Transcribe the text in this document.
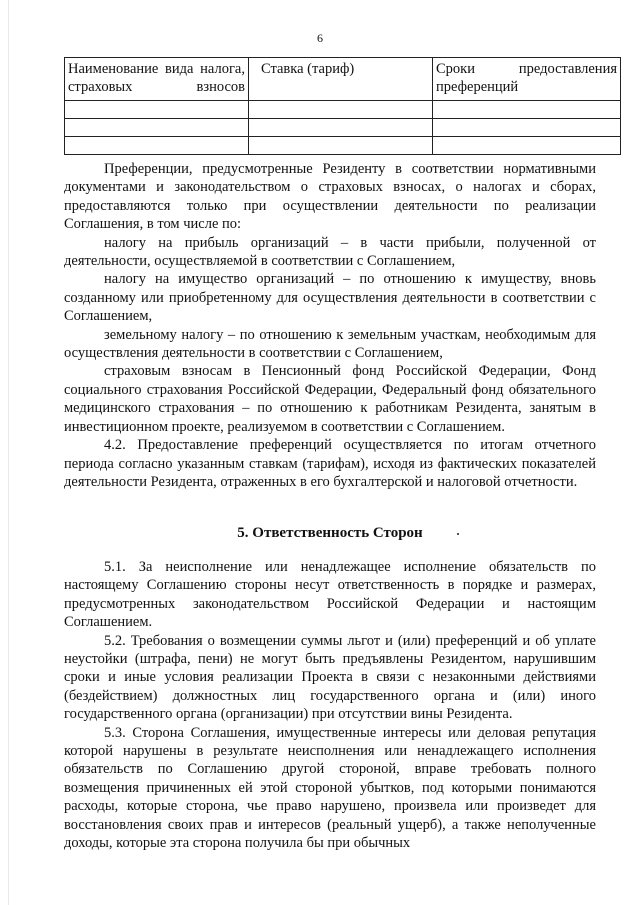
6
Наименование вида налога, страховых взносов	Ставка (тариф)	Сроки предоставления преференций

Преференции, предусмотренные Резиденту в соответствии нормативными документами и законодательством о страховых взносах, о налогах и сборах, предоставляются только при осуществлении деятельности по реализации Соглашения, в том числе по:

налогу на прибыль организаций – в части прибыли, полученной от деятельности, осуществляемой в соответствии с Соглашением,

налогу на имущество организаций – по отношению к имуществу, вновь созданному или приобретенному для осуществления деятельности в соответствии с Соглашением,

земельному налогу – по отношению к земельным участкам, необходимым для осуществления деятельности в соответствии с Соглашением,

страховым взносам в Пенсионный фонд Российской Федерации, Фонд социального страхования Российской Федерации, Федеральный фонд обязательного медицинского страхования – по отношению к работникам Резидента, занятым в инвестиционном проекте, реализуемом в соответствии с Соглашением.

4.2. Предоставление преференций осуществляется по итогам отчетного периода согласно указанным ставкам (тарифам), исходя из фактических показателей деятельности Резидента, отраженных в его бухгалтерской и налоговой отчетности.

5. Ответственность Сторон

5.1. За неисполнение или ненадлежащее исполнение обязательств по настоящему Соглашению стороны несут ответственность в порядке и размерах, предусмотренных законодательством Российской Федерации и настоящим Соглашением.

5.2. Требования о возмещении суммы льгот и (или) преференций и об уплате неустойки (штрафа, пени) не могут быть предъявлены Резидентом, нарушившим сроки и иные условия реализации Проекта в связи с незаконными действиями (бездействием) должностных лиц государственного органа и (или) иного государственного органа (организации) при отсутствии вины Резидента.

5.3. Сторона Соглашения, имущественные интересы или деловая репутация которой нарушены в результате неисполнения или ненадлежащего исполнения обязательств по Соглашению другой стороной, вправе требовать полного возмещения причиненных ей этой стороной убытков, под которыми понимаются расходы, которые сторона, чье право нарушено, произвела или произведет для восстановления своих прав и интересов (реальный ущерб), а также неполученные доходы, которые эта сторона получила бы при обычных
